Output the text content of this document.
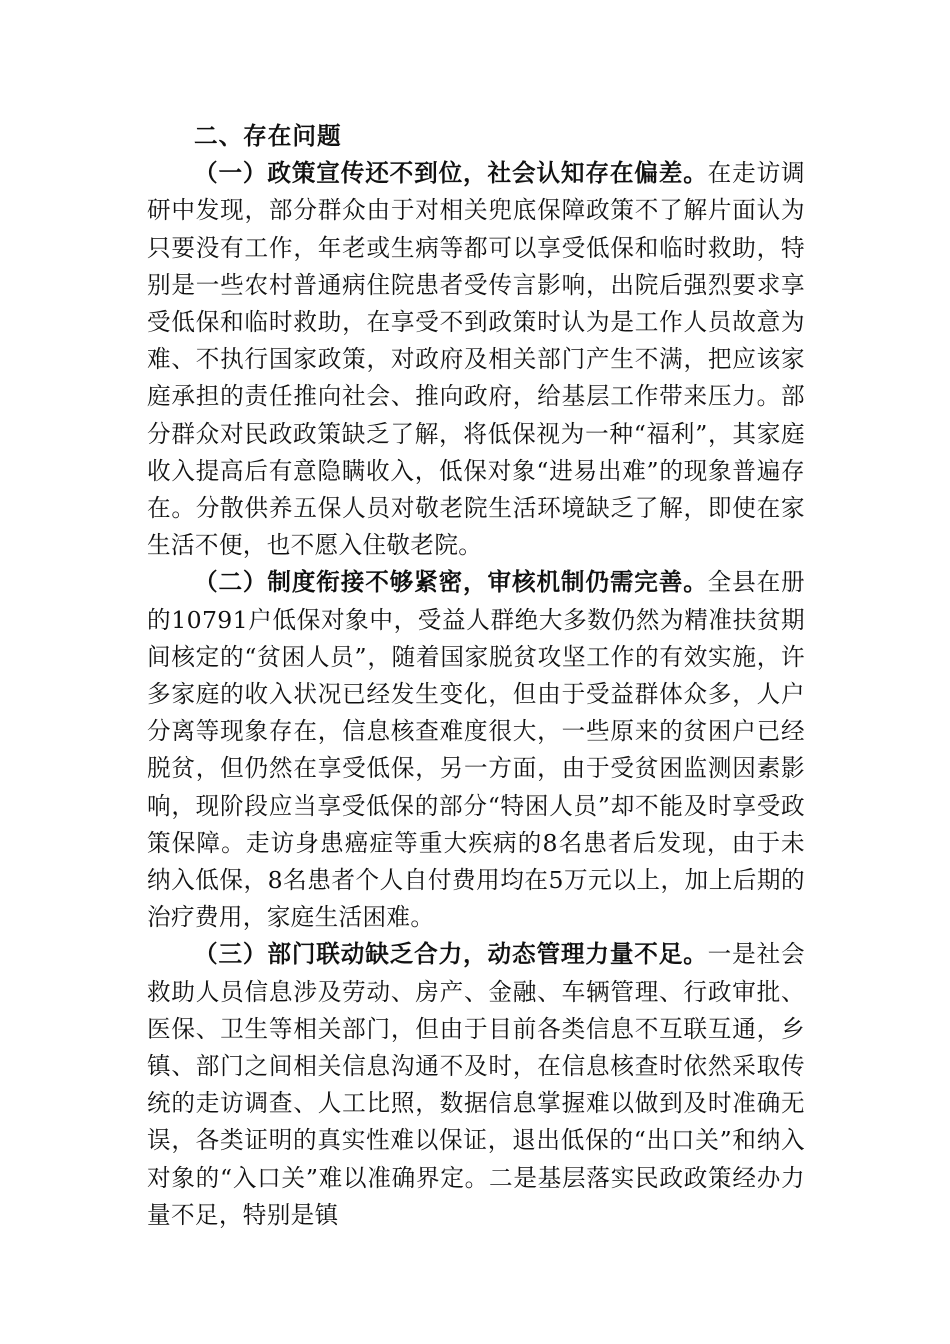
二、存在问题

（一）政策宣传还不到位，社会认知存在偏差。在走访调研中发现，部分群众由于对相关兜底保障政策不了解片面认为只要没有工作，年老或生病等都可以享受低保和临时救助，特别是一些农村普通病住院患者受传言影响，出院后强烈要求享受低保和临时救助，在享受不到政策时认为是工作人员故意为难、不执行国家政策，对政府及相关部门产生不满，把应该家庭承担的责任推向社会、推向政府，给基层工作带来压力。部分群众对民政政策缺乏了解，将低保视为一种“福利”，其家庭收入提高后有意隐瞒收入，低保对象“进易出难”的现象普遍存在。分散供养五保人员对敬老院生活环境缺乏了解，即使在家生活不便，也不愿入住敬老院。

（二）制度衔接不够紧密，审核机制仍需完善。全县在册的10791户低保对象中，受益人群绝大多数仍然为精准扶贫期间核定的“贫困人员”，随着国家脱贫攻坚工作的有效实施，许多家庭的收入状况已经发生变化，但由于受益群体众多，人户分离等现象存在，信息核查难度很大，一些原来的贫困户已经脱贫，但仍然在享受低保，另一方面，由于受贫困监测因素影响，现阶段应当享受低保的部分“特困人员”却不能及时享受政策保障。走访身患癌症等重大疾病的8名患者后发现，由于未纳入低保，8名患者个人自付费用均在5万元以上，加上后期的治疗费用，家庭生活困难。

（三）部门联动缺乏合力，动态管理力量不足。一是社会救助人员信息涉及劳动、房产、金融、车辆管理、行政审批、医保、卫生等相关部门，但由于目前各类信息不互联互通，乡镇、部门之间相关信息沟通不及时，在信息核查时依然采取传统的走访调查、人工比照，数据信息掌握难以做到及时准确无误，各类证明的真实性难以保证，退出低保的“出口关”和纳入对象的“入口关”难以准确界定。二是基层落实民政政策经办力量不足，特别是镇
